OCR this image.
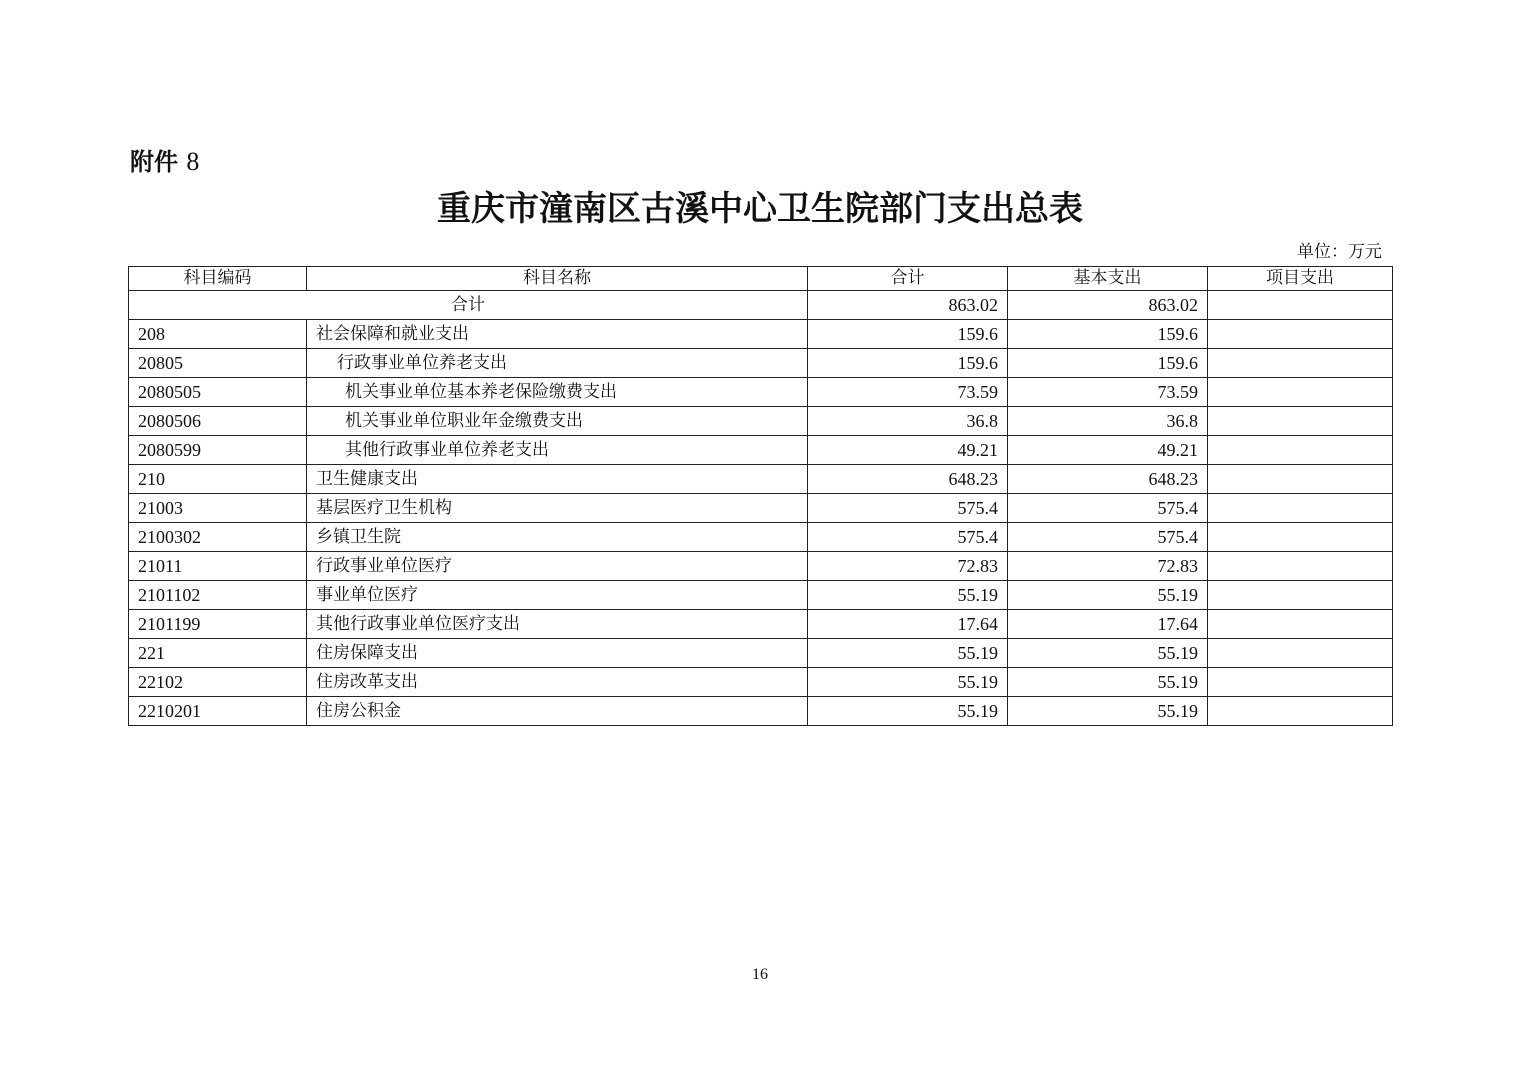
附件 8
重庆市潼南区古溪中心卫生院部门支出总表
单位：万元
科目编码	科目名称	合计	基本支出	项目支出
合计		863.02	863.02	
208	社会保障和就业支出	159.6	159.6	
20805	行政事业单位养老支出	159.6	159.6	
2080505	机关事业单位基本养老保险缴费支出	73.59	73.59	
2080506	机关事业单位职业年金缴费支出	36.8	36.8	
2080599	其他行政事业单位养老支出	49.21	49.21	
210	卫生健康支出	648.23	648.23	
21003	基层医疗卫生机构	575.4	575.4	
2100302	乡镇卫生院	575.4	575.4	
21011	行政事业单位医疗	72.83	72.83	
2101102	事业单位医疗	55.19	55.19	
2101199	其他行政事业单位医疗支出	17.64	17.64	
221	住房保障支出	55.19	55.19	
22102	住房改革支出	55.19	55.19	
2210201	住房公积金	55.19	55.19	
16
